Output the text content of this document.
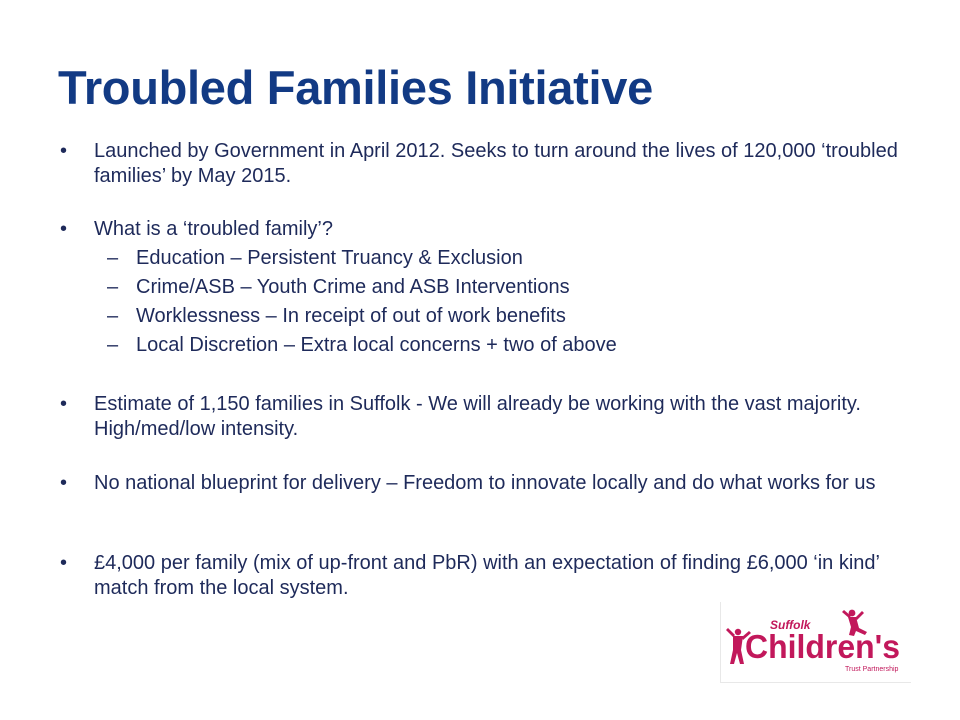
Troubled Families Initiative
• Launched by Government in April 2012. Seeks to turn around the lives of 120,000 ‘troubled families’ by May 2015.
• What is a ‘troubled family’?
– Education – Persistent Truancy & Exclusion
– Crime/ASB – Youth Crime and ASB Interventions
– Worklessness – In receipt of out of work benefits
– Local Discretion – Extra local concerns + two of above
• Estimate of 1,150 families in Suffolk - We will already be working with the vast majority. High/med/low intensity.
• No national blueprint for delivery – Freedom to innovate locally and do what works for us
• £4,000 per family (mix of up-front and PbR) with an expectation of finding £6,000 ‘in kind’ match from the local system.
Suffolk
Children's
Trust Partnership
